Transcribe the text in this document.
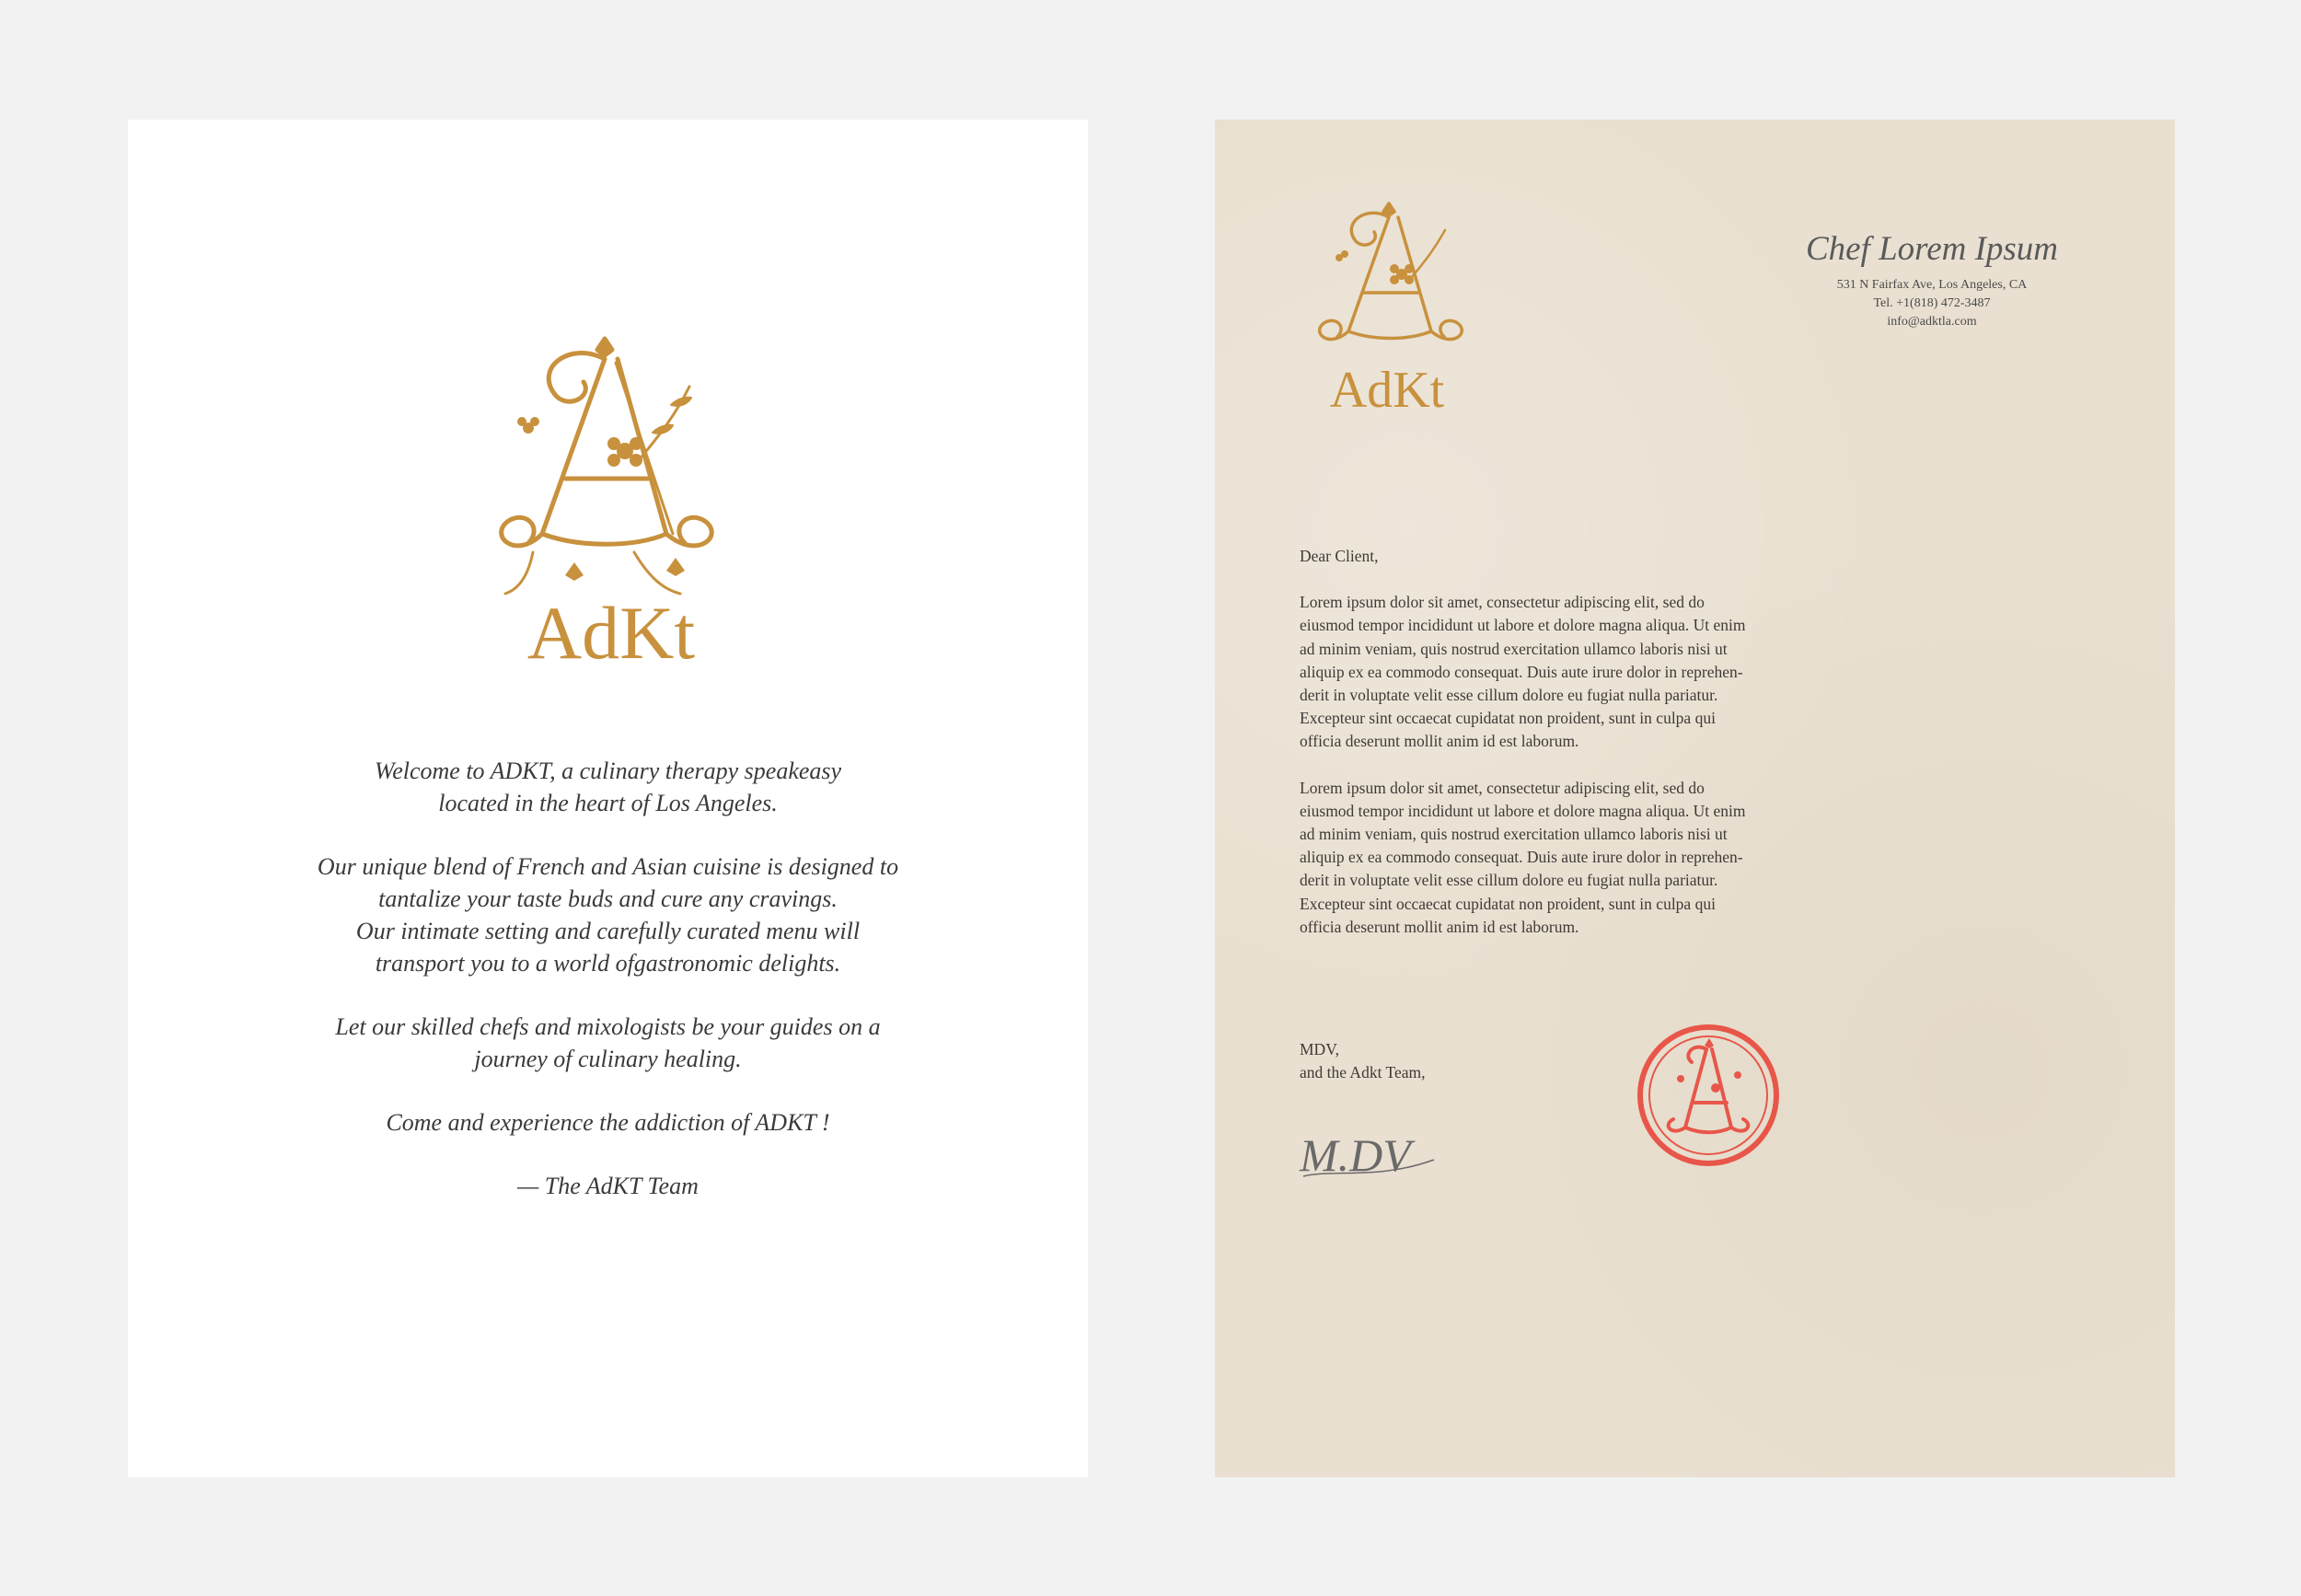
AdKt

Welcome to ADKT, a culinary therapy speakeasy
located in the heart of Los Angeles.

Our unique blend of French and Asian cuisine is designed to
tantalize your taste buds and cure any cravings.
Our intimate setting and carefully curated menu will
transport you to a world ofgastronomic delights.

Let our skilled chefs and mixologists be your guides on a
journey of culinary healing.

Come and experience the addiction of ADKT !

— The AdKT Team

AdKt
Chef Lorem Ipsum
531 N Fairfax Ave, Los Angeles, CA
Tel. +1(818) 472-3487
info@adktla.com

Dear Client,

Lorem ipsum dolor sit amet, consectetur adipiscing elit, sed do
eiusmod tempor incididunt ut labore et dolore magna aliqua. Ut enim
ad minim veniam, quis nostrud exercitation ullamco laboris nisi ut
aliquip ex ea commodo consequat. Duis aute irure dolor in reprehen-
derit in voluptate velit esse cillum dolore eu fugiat nulla pariatur.
Excepteur sint occaecat cupidatat non proident, sunt in culpa qui
officia deserunt mollit anim id est laborum.

Lorem ipsum dolor sit amet, consectetur adipiscing elit, sed do
eiusmod tempor incididunt ut labore et dolore magna aliqua. Ut enim
ad minim veniam, quis nostrud exercitation ullamco laboris nisi ut
aliquip ex ea commodo consequat. Duis aute irure dolor in reprehen-
derit in voluptate velit esse cillum dolore eu fugiat nulla pariatur.
Excepteur sint occaecat cupidatat non proident, sunt in culpa qui
officia deserunt mollit anim id est laborum.

MDV,
and the Adkt Team,
M.DV
